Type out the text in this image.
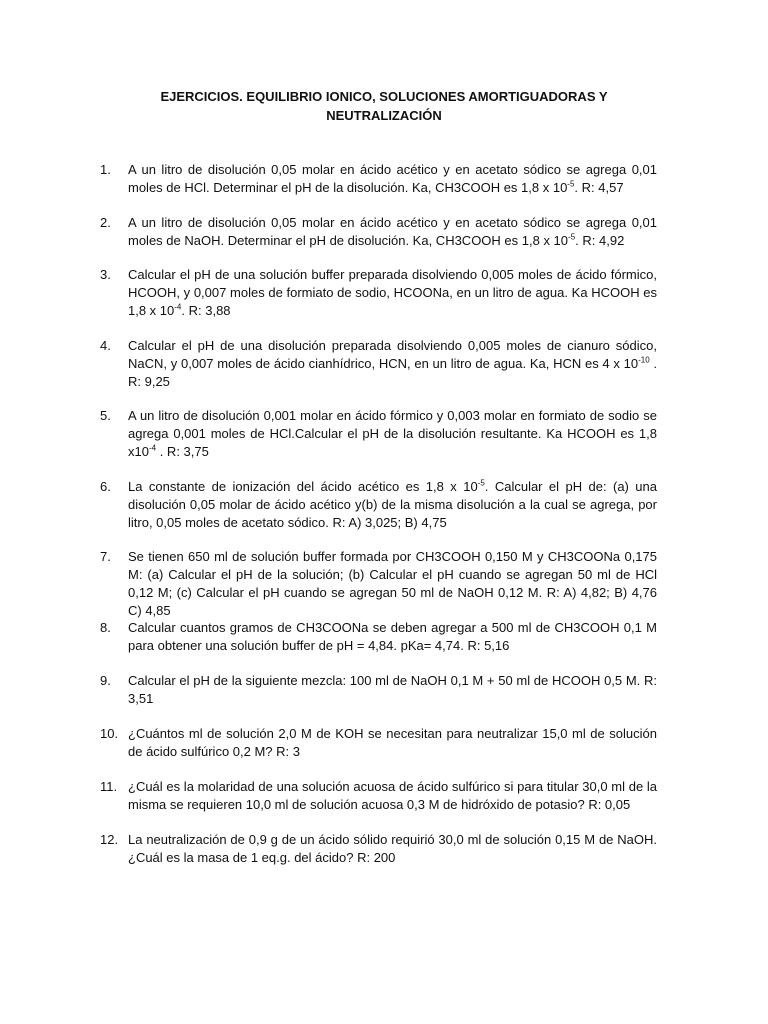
EJERCICIOS. EQUILIBRIO IONICO, SOLUCIONES AMORTIGUADORAS Y
NEUTRALIZACIÓN
1.	A un litro de disolución 0,05 molar en ácido acético y en acetato sódico se agrega 0,01 moles de HCl. Determinar el pH de la disolución. Ka, CH3COOH es 1,8 x $10^{-5}$. R: 4,57
2.	A un litro de disolución 0,05 molar en ácido acético y en acetato sódico se agrega 0,01 moles de NaOH. Determinar el pH de disolución. Ka, CH3COOH es 1,8 x $10^{-5}$. R: 4,92
3.	Calcular el pH de una solución buffer preparada disolviendo 0,005 moles de ácido fórmico, HCOOH, y 0,007 moles de formiato de sodio, HCOONa, en un litro de agua. Ka HCOOH es 1,8 x $10^{-4}$. R: 3,88
4.	Calcular el pH de una disolución preparada disolviendo 0,005 moles de cianuro sódico, NaCN, y 0,007 moles de ácido cianhídrico, HCN, en un litro de agua. Ka, HCN es 4 x $10^{-10}$ . R: 9,25
5.	A un litro de disolución 0,001 molar en ácido fórmico y 0,003 molar en formiato de sodio se agrega 0,001 moles de HCl.Calcular el pH de la disolución resultante. Ka HCOOH es 1,8 $x10^{-4}$ . R: 3,75
6.	La constante de ionización del ácido acético es 1,8 x $10^{-5}$. Calcular el pH de: (a) una disolución 0,05 molar de ácido acético y(b) de la misma disolución a la cual se agrega, por litro, 0,05 moles de acetato sódico. R: A) 3,025; B) 4,75
7.	Se tienen 650 ml de solución buffer formada por CH3COOH 0,150 M y CH3COONa 0,175 M: (a) Calcular el pH de la solución; (b) Calcular el pH cuando se agregan 50 ml de HCl 0,12 M; (c) Calcular el pH cuando se agregan 50 ml de NaOH 0,12 M. R: A) 4,82; B) 4,76 C) 4,85
8.	Calcular cuantos gramos de CH3COONa se deben agregar a 500 ml de CH3COOH 0,1 M para obtener una solución buffer de pH = 4,84. pKa= 4,74. R: 5,16
9.	Calcular el pH de la siguiente mezcla: 100 ml de NaOH 0,1 M + 50 ml de HCOOH 0,5 M. R: 3,51
10. ¿Cuántos ml de solución 2,0 M de KOH se necesitan para neutralizar 15,0 ml de solución de ácido sulfúrico 0,2 M? R: 3
11. ¿Cuál es la molaridad de una solución acuosa de ácido sulfúrico si para titular 30,0 ml de la misma se requieren 10,0 ml de solución acuosa 0,3 M de hidróxido de potasio? R: 0,05
12. La neutralización de 0,9 g de un ácido sólido requirió 30,0 ml de solución 0,15 M de NaOH. ¿Cuál es la masa de 1 eq.g. del ácido? R: 200
